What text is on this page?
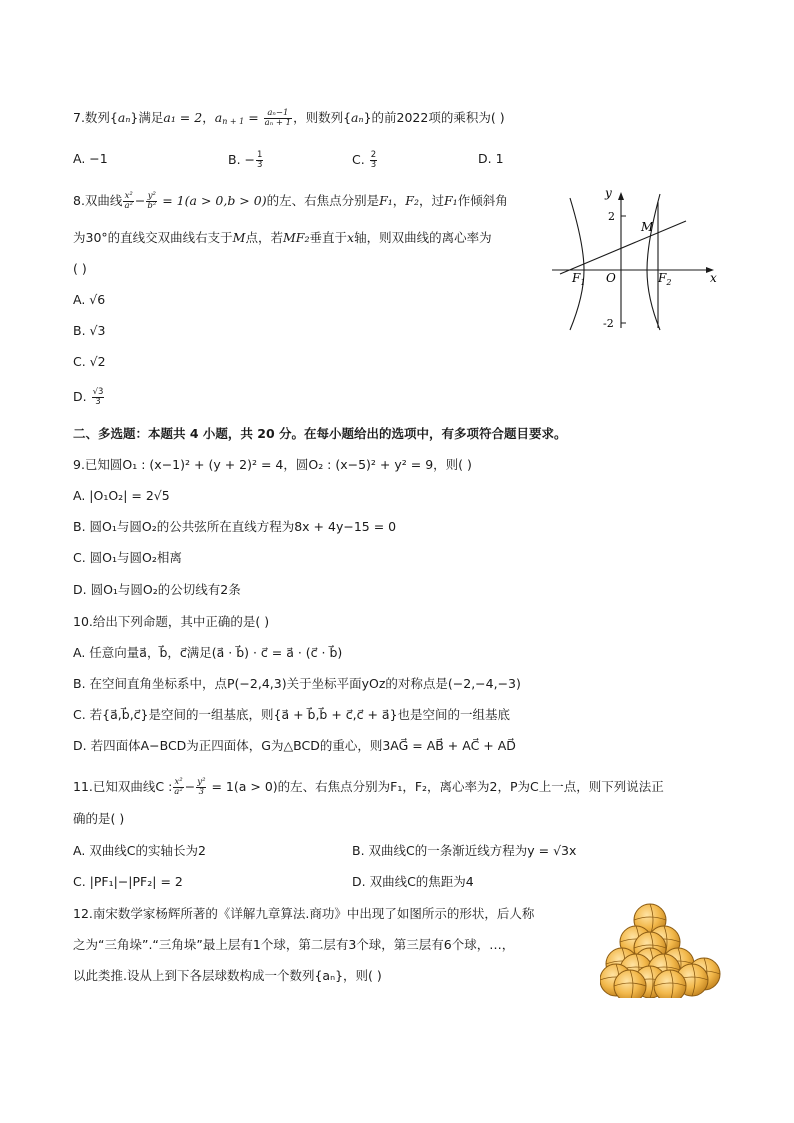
7.数列{aₙ}满足a₁ = 2，$a_{n + 1} = \frac{\text{aₙ−1}}{\text{aₙ + 1}}$ ，则数列{aₙ}的前2022项的乘积为( )
A. −1	B. − $\frac{1}{3}$	C. $\frac{2}{3}$	D. 1
8.双曲线 $\frac{\text{x²}}{\text{a²}} - \frac{\text{y²}}{\text{b²}} = 1(a > 0,b > 0)$的左、右焦点分别是F₁，F₂，过F₁作倾斜角
为30°的直线交双曲线右支于M点，若MF₂垂直于x轴，则双曲线的离心率为
( )
A. √6
B. √3
C. √2
D. $\frac{√3}{3}$
y
x
2
-2
M
O
$F_1$	$F_2$
二、多选题：本题共 4 小题，共 20 分。在每小题给出的选项中，有多项符合题目要求。
9.已知圆O₁ : (x−1)² + (y + 2)² = 4，圆O₂ : (x−5)² + y² = 9，则( )
A. |O₁O₂| = 2√5
B. 圆O₁与圆O₂的公共弦所在直线方程为8x + 4y−15 = 0
C. 圆O₁与圆O₂相离
D. 圆O₁与圆O₂的公切线有2条
10.给出下列命题，其中正确的是( )
A. 任意向量a⃗，b⃗，c⃗满足(a⃗ · b⃗) · c⃗ = a⃗ · (c⃗ · b⃗)
B. 在空间直角坐标系中，点P(−2,4,3)关于坐标平面yOz的对称点是(−2,−4,−3)
C. 若{a⃗,b⃗,c⃗}是空间的一组基底，则{a⃗ + b⃗,b⃗ + c⃗,c⃗ + a⃗}也是空间的一组基底
D. 若四面体A−BCD为正四面体，G为△BCD的重心，则3AG⃗ = AB⃗ + AC⃗ + AD⃗
11.已知双曲线C : $\frac{\text{x²}}{\text{a²}} - \frac{\text{y²}}{3} = 1(a > 0)$的左、右焦点分别为F₁，F₂，离心率为2，P为C上一点，则下列说法正
确的是( )
A. 双曲线C的实轴长为2	B. 双曲线C的一条渐近线方程为y = √3x
C. |PF₁|−|PF₂| = 2	D. 双曲线C的焦距为4
12.南宋数学家杨辉所著的《详解九章算法.商功》中出现了如图所示的形状，后人称
之为“三角垛”.“三角垛”最上层有1个球，第二层有3个球，第三层有6个球，…，
以此类推.设从上到下各层球数构成一个数列{aₙ}，则( )
